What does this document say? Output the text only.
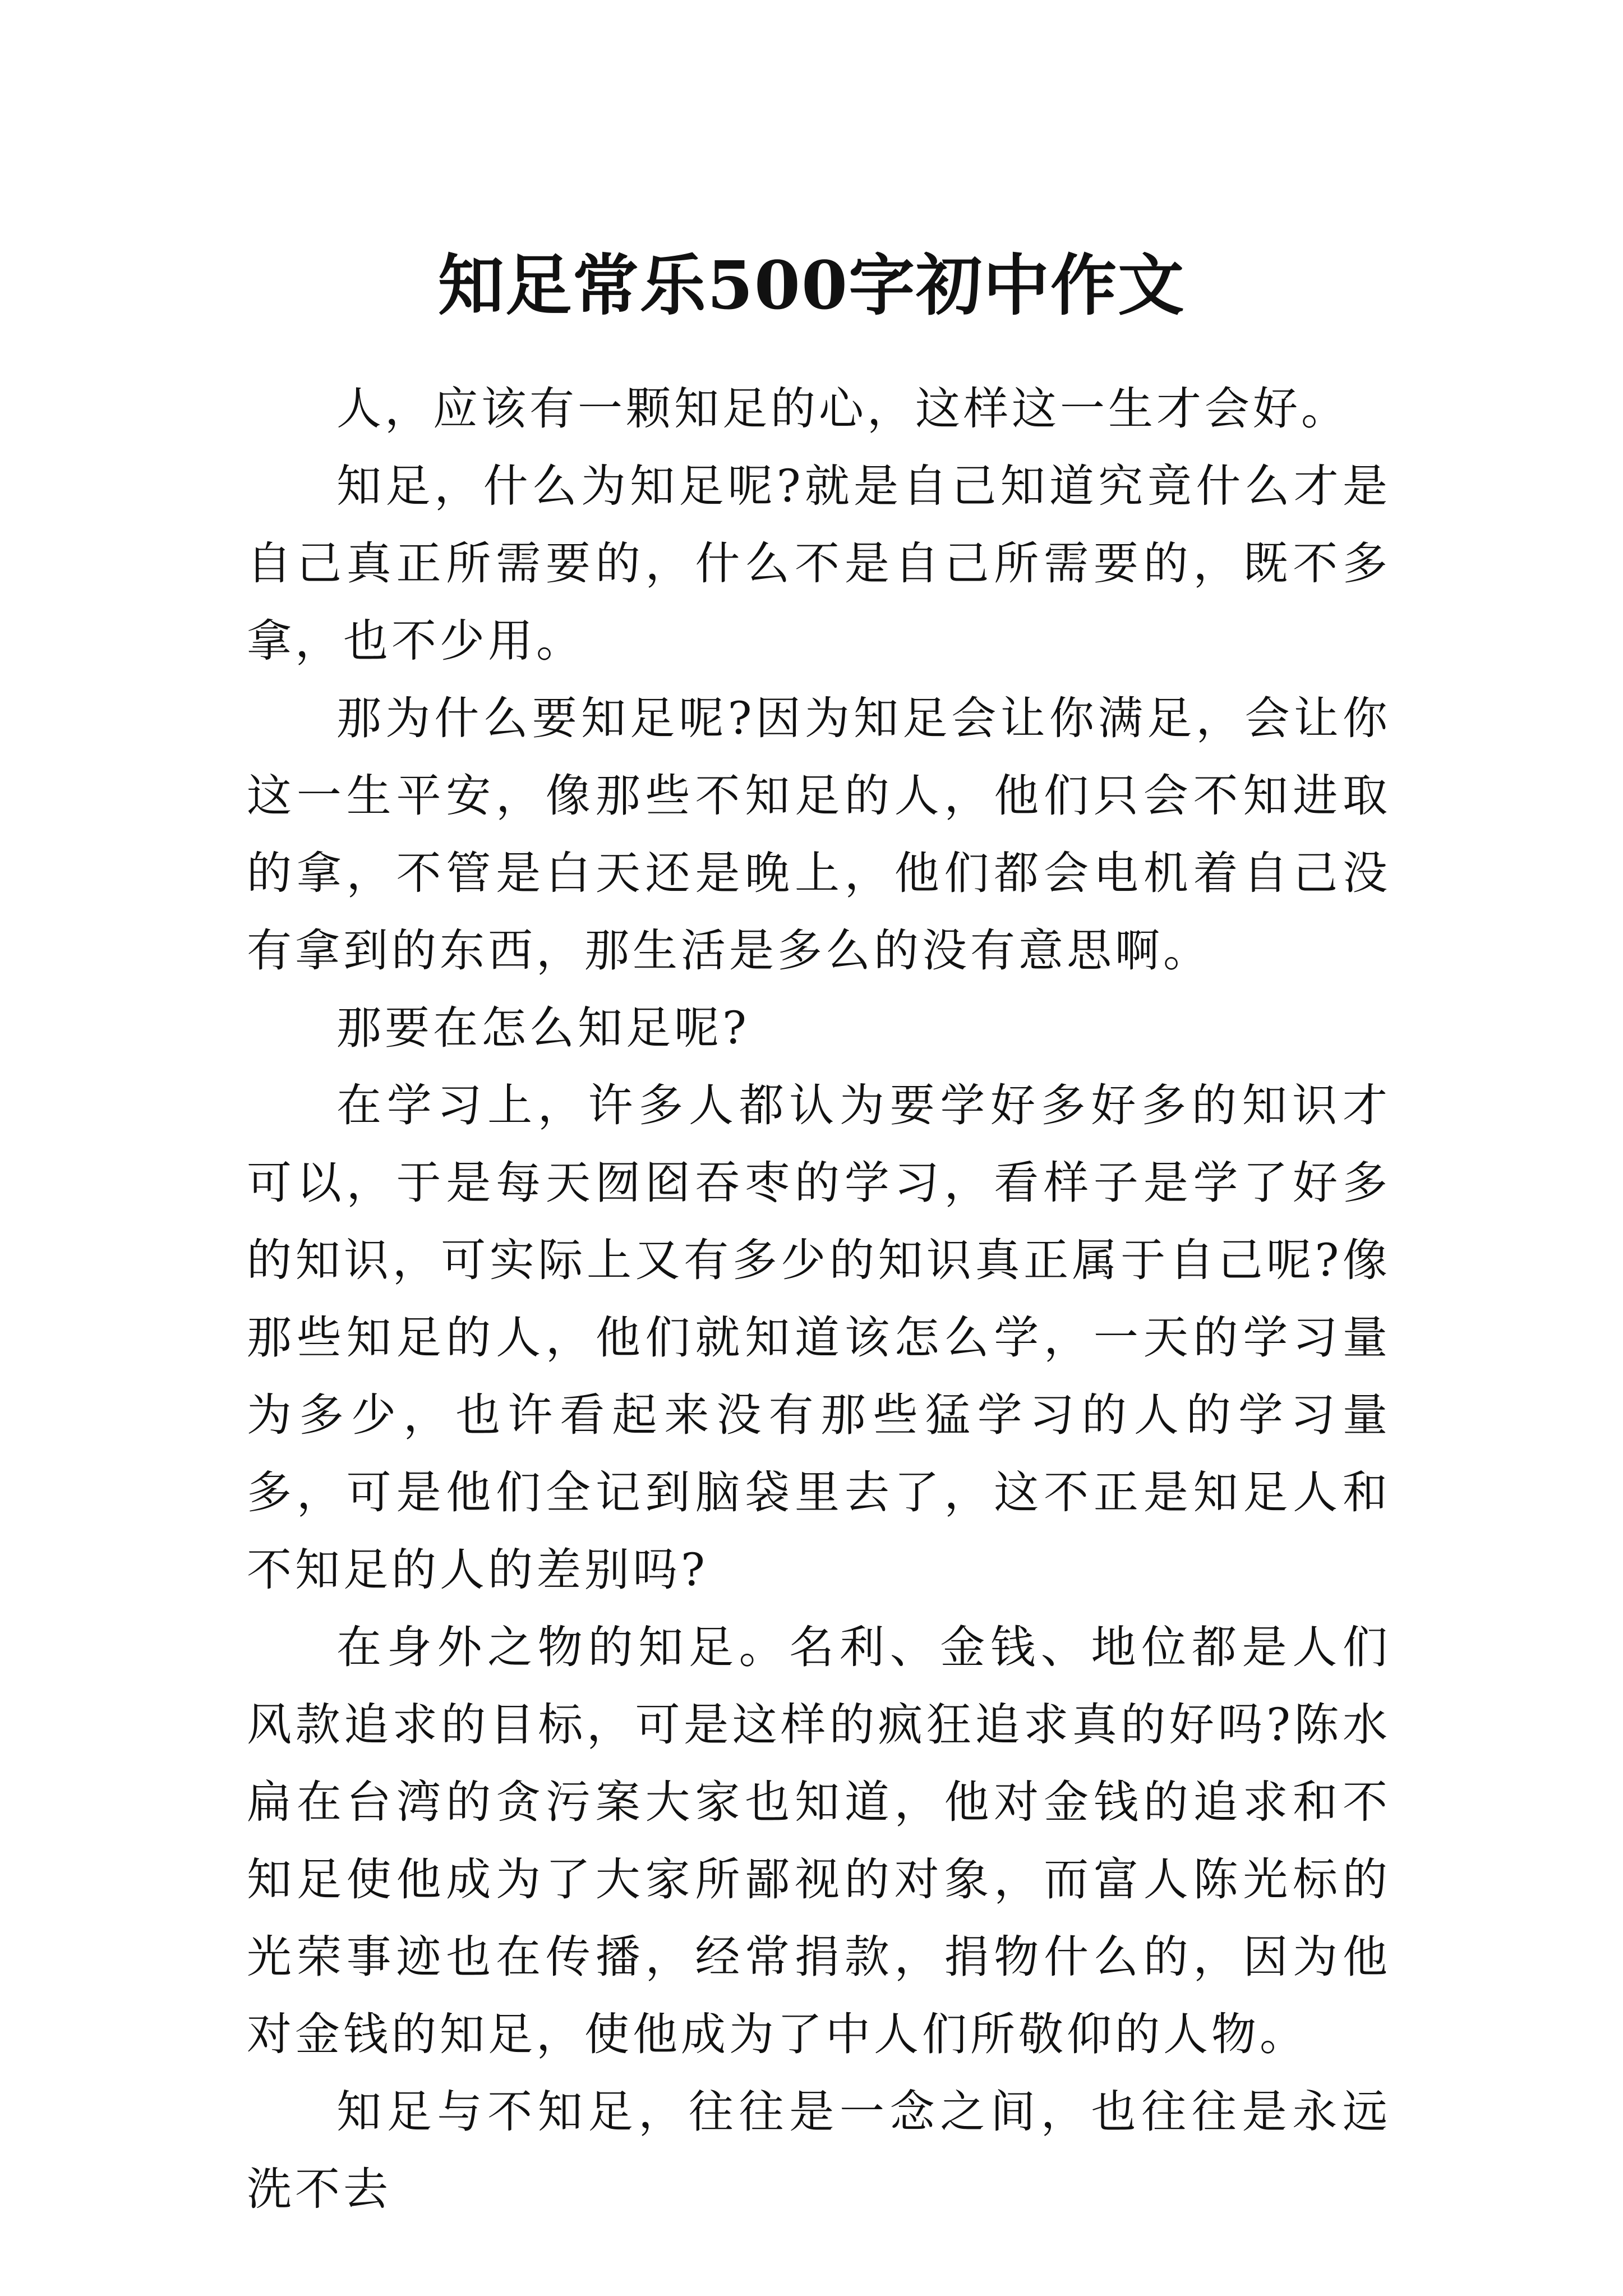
知足常乐500字初中作文

人，应该有一颗知足的心，这样这一生才会好。

知足，什么为知足呢?就是自己知道究竟什么才是自己真正所需要的，什么不是自己所需要的，既不多拿，也不少用。

那为什么要知足呢?因为知足会让你满足，会让你这一生平安，像那些不知足的人，他们只会不知进取的拿，不管是白天还是晚上，他们都会电机着自己没有拿到的东西，那生活是多么的没有意思啊。

那要在怎么知足呢?

在学习上，许多人都认为要学好多好多的知识才可以，于是每天囫囵吞枣的学习，看样子是学了好多的知识，可实际上又有多少的知识真正属于自己呢?像那些知足的人，他们就知道该怎么学，一天的学习量为多少，也许看起来没有那些猛学习的人的学习量多，可是他们全记到脑袋里去了，这不正是知足人和不知足的人的差别吗?

在身外之物的知足。名利、金钱、地位都是人们风款追求的目标，可是这样的疯狂追求真的好吗?陈水扁在台湾的贪污案大家也知道，他对金钱的追求和不知足使他成为了大家所鄙视的对象，而富人陈光标的光荣事迹也在传播，经常捐款，捐物什么的，因为他对金钱的知足，使他成为了中人们所敬仰的人物。

知足与不知足，往往是一念之间，也往往是永远洗不去
